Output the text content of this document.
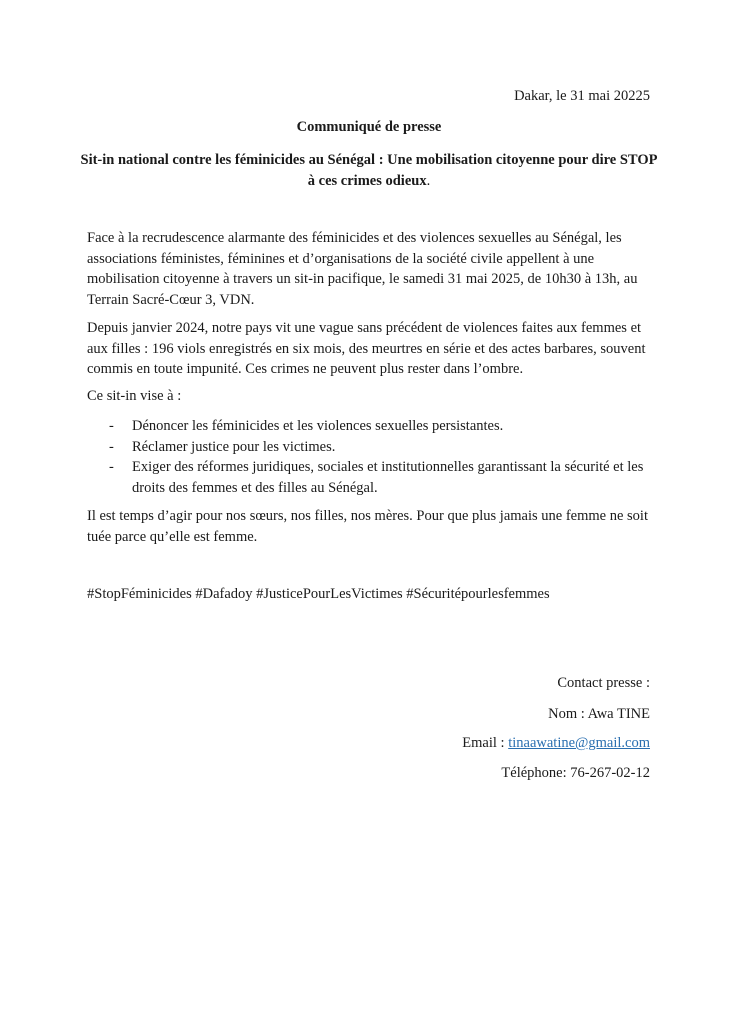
Dakar, le 31 mai 20225
Communiqué de presse
Sit-in national contre les féminicides au Sénégal : Une mobilisation citoyenne pour dire STOP à ces crimes odieux.

Face à la recrudescence alarmante des féminicides et des violences sexuelles au Sénégal, les associations féministes, féminines et d’organisations de la société civile appellent à une mobilisation citoyenne à travers un sit-in pacifique, le samedi 31 mai 2025, de 10h30 à 13h, au Terrain Sacré-Cœur 3, VDN.

Depuis janvier 2024, notre pays vit une vague sans précédent de violences faites aux femmes et aux filles : 196 viols enregistrés en six mois, des meurtres en série et des actes barbares, souvent commis en toute impunité. Ces crimes ne peuvent plus rester dans l’ombre.

Ce sit-in vise à :

- Dénoncer les féminicides et les violences sexuelles persistantes.
- Réclamer justice pour les victimes.
- Exiger des réformes juridiques, sociales et institutionnelles garantissant la sécurité et les droits des femmes et des filles au Sénégal.

Il est temps d’agir pour nos sœurs, nos filles, nos mères. Pour que plus jamais une femme ne soit tuée parce qu’elle est femme.

#StopFéminicides #Dafadoy #JusticePourLesVictimes #Sécuritépourlesfemmes

Contact presse :
Nom : Awa TINE
Email : tinaawatine@gmail.com
Téléphone: 76-267-02-12
